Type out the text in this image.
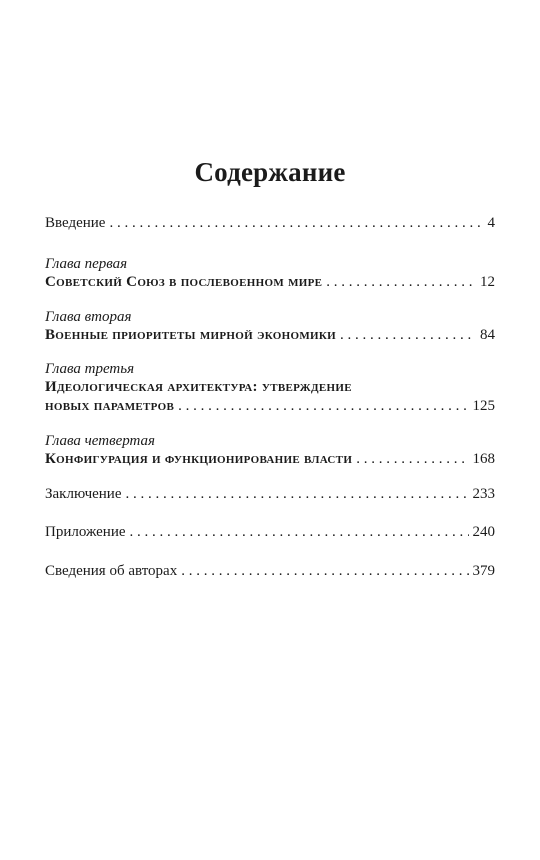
Содержание
Введение . . .	4
Глава первая
Советский Союз в послевоенном мире . . .	12
Глава вторая
Военные приоритеты мирной экономики . . .	84
Глава третья
Идеологическая архитектура: утверждение
новых параметров . . .	125
Глава четвертая
Конфигурация и функционирование власти . . .	168
Заключение . . .	233
Приложение . . .	240
Сведения об авторах . . .	379
